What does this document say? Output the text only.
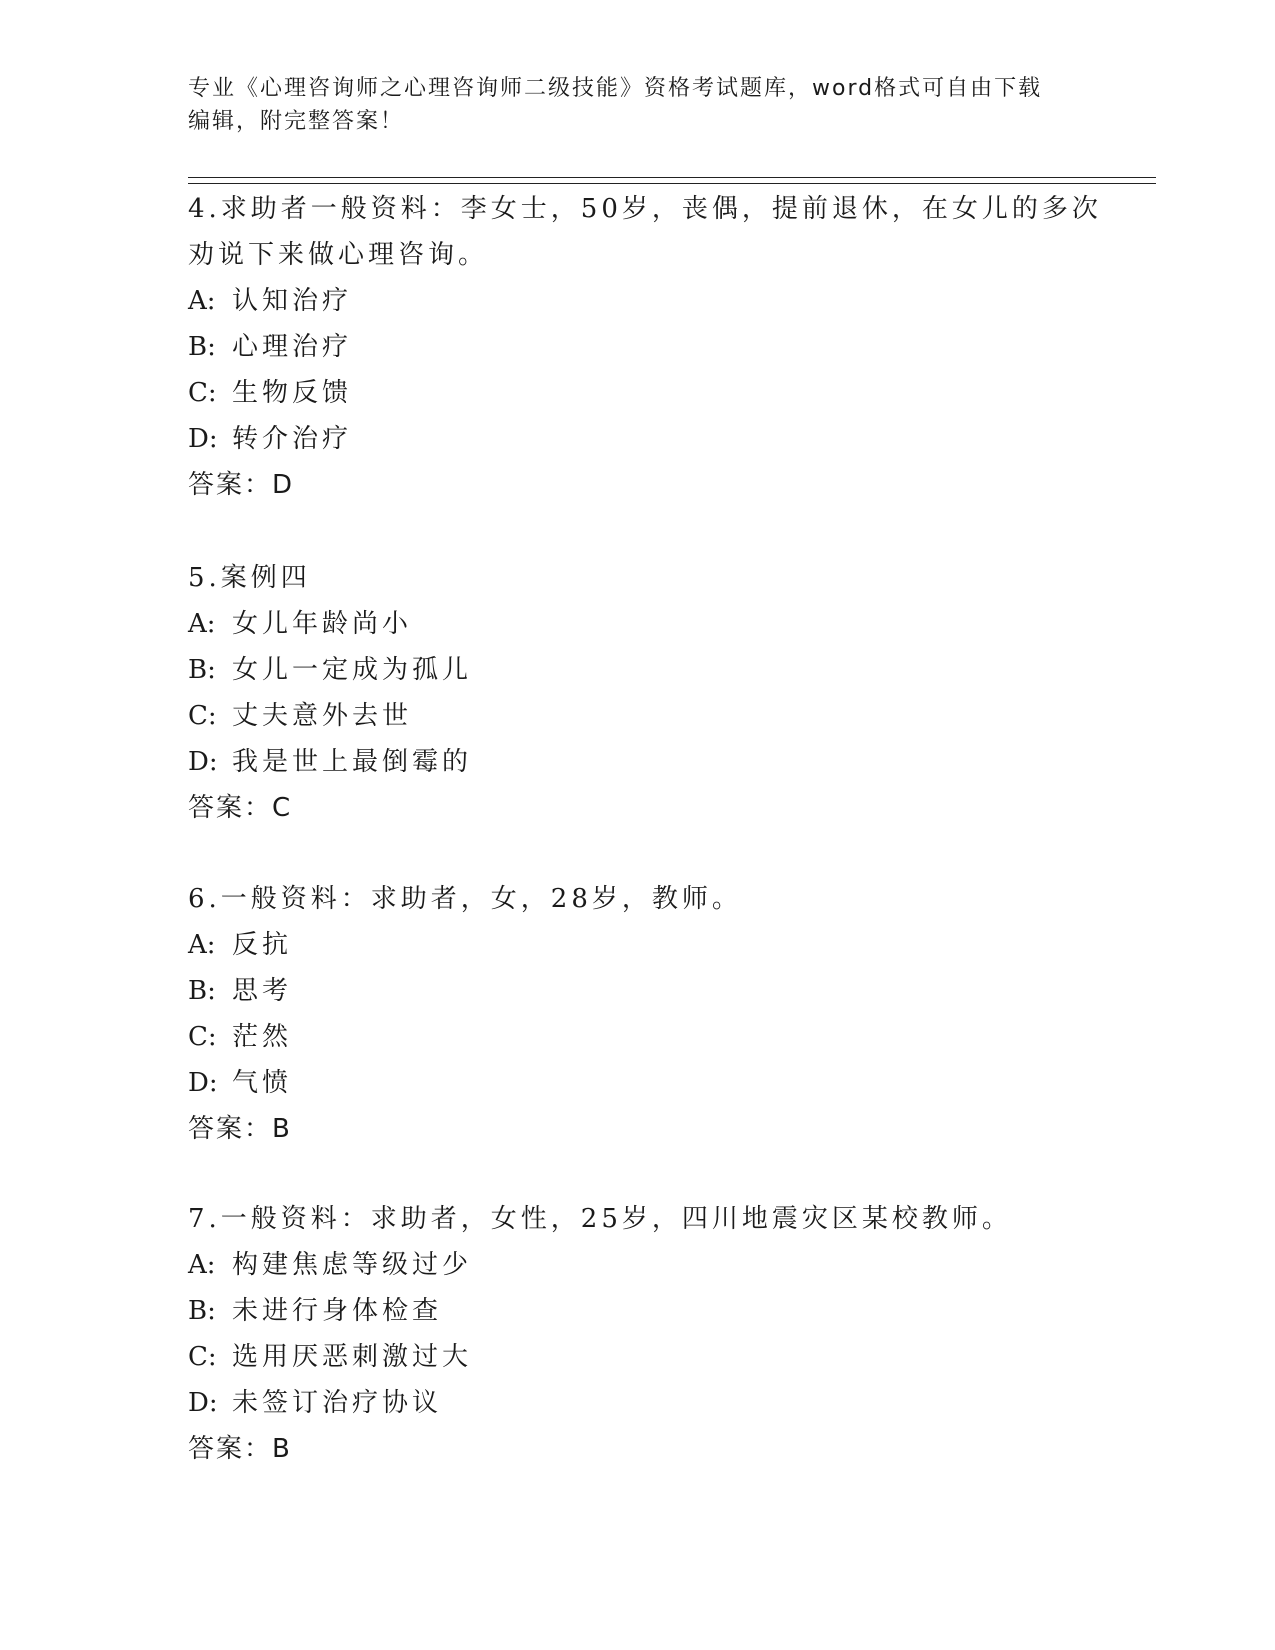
专业《心理咨询师之心理咨询师二级技能》资格考试题库，word格式可自由下载
编辑，附完整答案！
4.求助者一般资料：李女士，50岁，丧偶，提前退休，在女儿的多次
劝说下来做心理咨询。
A: 认知治疗
B: 心理治疗
C: 生物反馈
D: 转介治疗
答案：D
5.案例四
A: 女儿年龄尚小
B: 女儿一定成为孤儿
C: 丈夫意外去世
D: 我是世上最倒霉的
答案：C
6.一般资料：求助者，女，28岁，教师。
A: 反抗
B: 思考
C: 茫然
D: 气愤
答案：B
7.一般资料：求助者，女性，25岁，四川地震灾区某校教师。
A: 构建焦虑等级过少
B: 未进行身体检查
C: 选用厌恶刺激过大
D: 未签订治疗协议
答案：B
